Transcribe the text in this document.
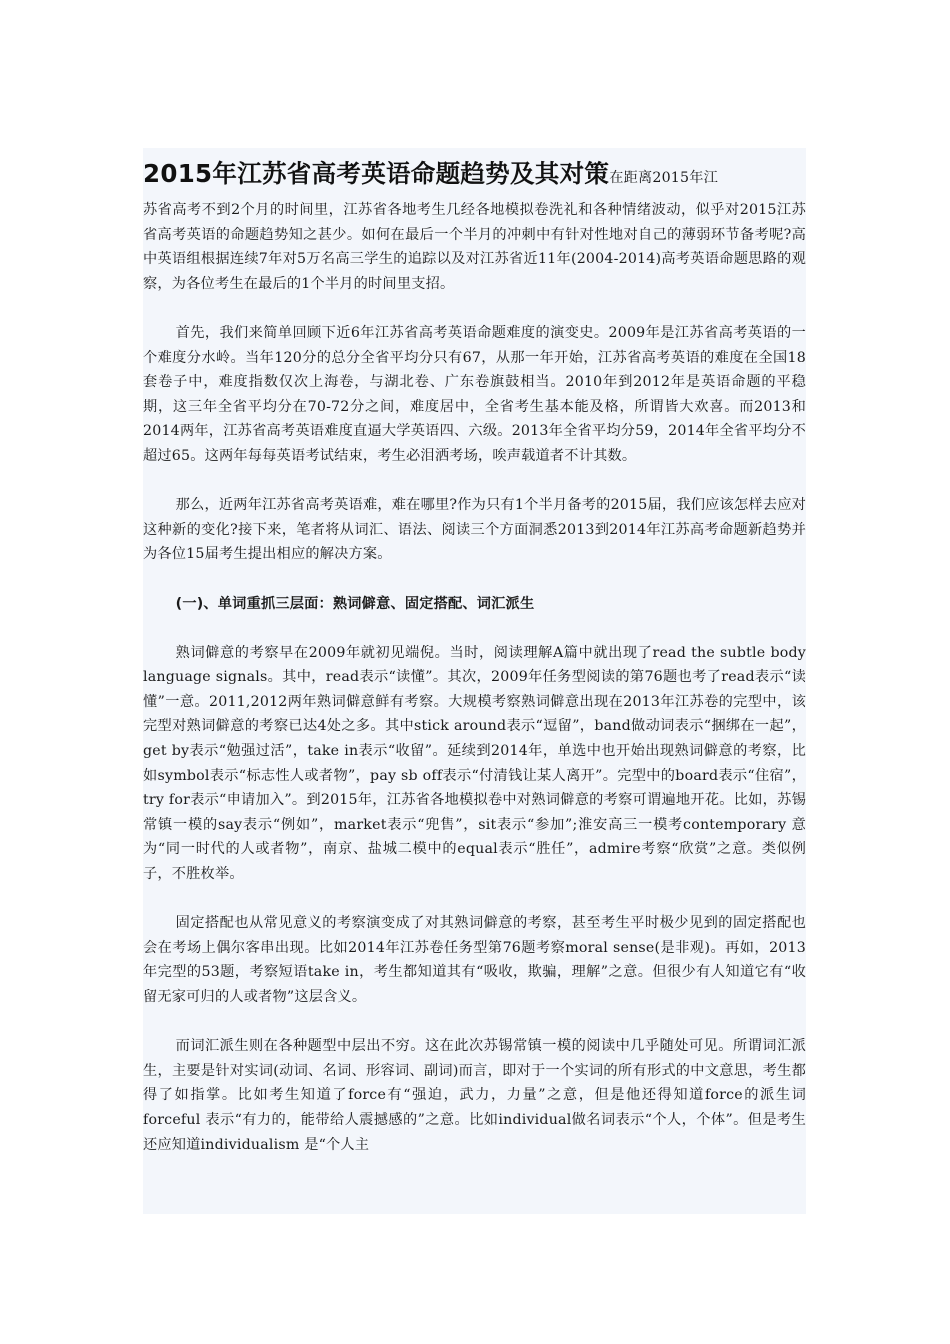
2015年江苏省高考英语命题趋势及其对策在距离2015年江

苏省高考不到2个月的时间里，江苏省各地考生几经各地模拟卷洗礼和各种情绪波动，似乎对2015江苏省高考英语的命题趋势知之甚少。如何在最后一个半月的冲刺中有针对性地对自己的薄弱环节备考呢?高中英语组根据连续7年对5万名高三学生的追踪以及对江苏省近11年(2004-2014)高考英语命题思路的观察，为各位考生在最后的1个半月的时间里支招。

首先，我们来简单回顾下近6年江苏省高考英语命题难度的演变史。2009年是江苏省高考英语的一个难度分水岭。当年120分的总分全省平均分只有67，从那一年开始，江苏省高考英语的难度在全国18套卷子中，难度指数仅次上海卷，与湖北卷、广东卷旗鼓相当。2010年到2012年是英语命题的平稳期，这三年全省平均分在70-72分之间，难度居中，全省考生基本能及格，所谓皆大欢喜。而2013和2014两年，江苏省高考英语难度直逼大学英语四、六级。2013年全省平均分59，2014年全省平均分不超过65。这两年每每英语考试结束，考生必泪洒考场，唉声载道者不计其数。

那么，近两年江苏省高考英语难，难在哪里?作为只有1个半月备考的2015届，我们应该怎样去应对这种新的变化?接下来，笔者将从词汇、语法、阅读三个方面洞悉2013到2014年江苏高考命题新趋势并为各位15届考生提出相应的解决方案。

(一)、单词重抓三层面：熟词僻意、固定搭配、词汇派生

熟词僻意的考察早在2009年就初见端倪。当时，阅读理解A篇中就出现了read the subtle body language signals。其中，read表示“读懂”。其次，2009年任务型阅读的第76题也考了read表示“读懂”一意。2011,2012两年熟词僻意鲜有考察。大规模考察熟词僻意出现在2013年江苏卷的完型中，该完型对熟词僻意的考察已达4处之多。其中stick around表示“逗留”，band做动词表示“捆绑在一起”，get by表示“勉强过活”，take in表示“收留”。延续到2014年，单选中也开始出现熟词僻意的考察，比如symbol表示“标志性人或者物”，pay sb off表示“付清钱让某人离开”。完型中的board表示“住宿”，try for表示“申请加入”。到2015年，江苏省各地模拟卷中对熟词僻意的考察可谓遍地开花。比如，苏锡常镇一模的say表示“例如”，market表示“兜售”，sit表示“参加”;淮安高三一模考contemporary 意为“同一时代的人或者物”，南京、盐城二模中的equal表示“胜任”，admire考察“欣赏”之意。类似例子，不胜枚举。

固定搭配也从常见意义的考察演变成了对其熟词僻意的考察，甚至考生平时极少见到的固定搭配也会在考场上偶尔客串出现。比如2014年江苏卷任务型第76题考察moral sense(是非观)。再如，2013年完型的53题，考察短语take in，考生都知道其有“吸收，欺骗，理解”之意。但很少有人知道它有“收留无家可归的人或者物”这层含义。

而词汇派生则在各种题型中层出不穷。这在此次苏锡常镇一模的阅读中几乎随处可见。所谓词汇派生，主要是针对实词(动词、名词、形容词、副词)而言，即对于一个实词的所有形式的中文意思，考生都得了如指掌。比如考生知道了force有“强迫，武力，力量”之意，但是他还得知道force的派生词forceful 表示“有力的，能带给人震撼感的”之意。比如individual做名词表示“个人，个体”。但是考生还应知道individualism 是“个人主
